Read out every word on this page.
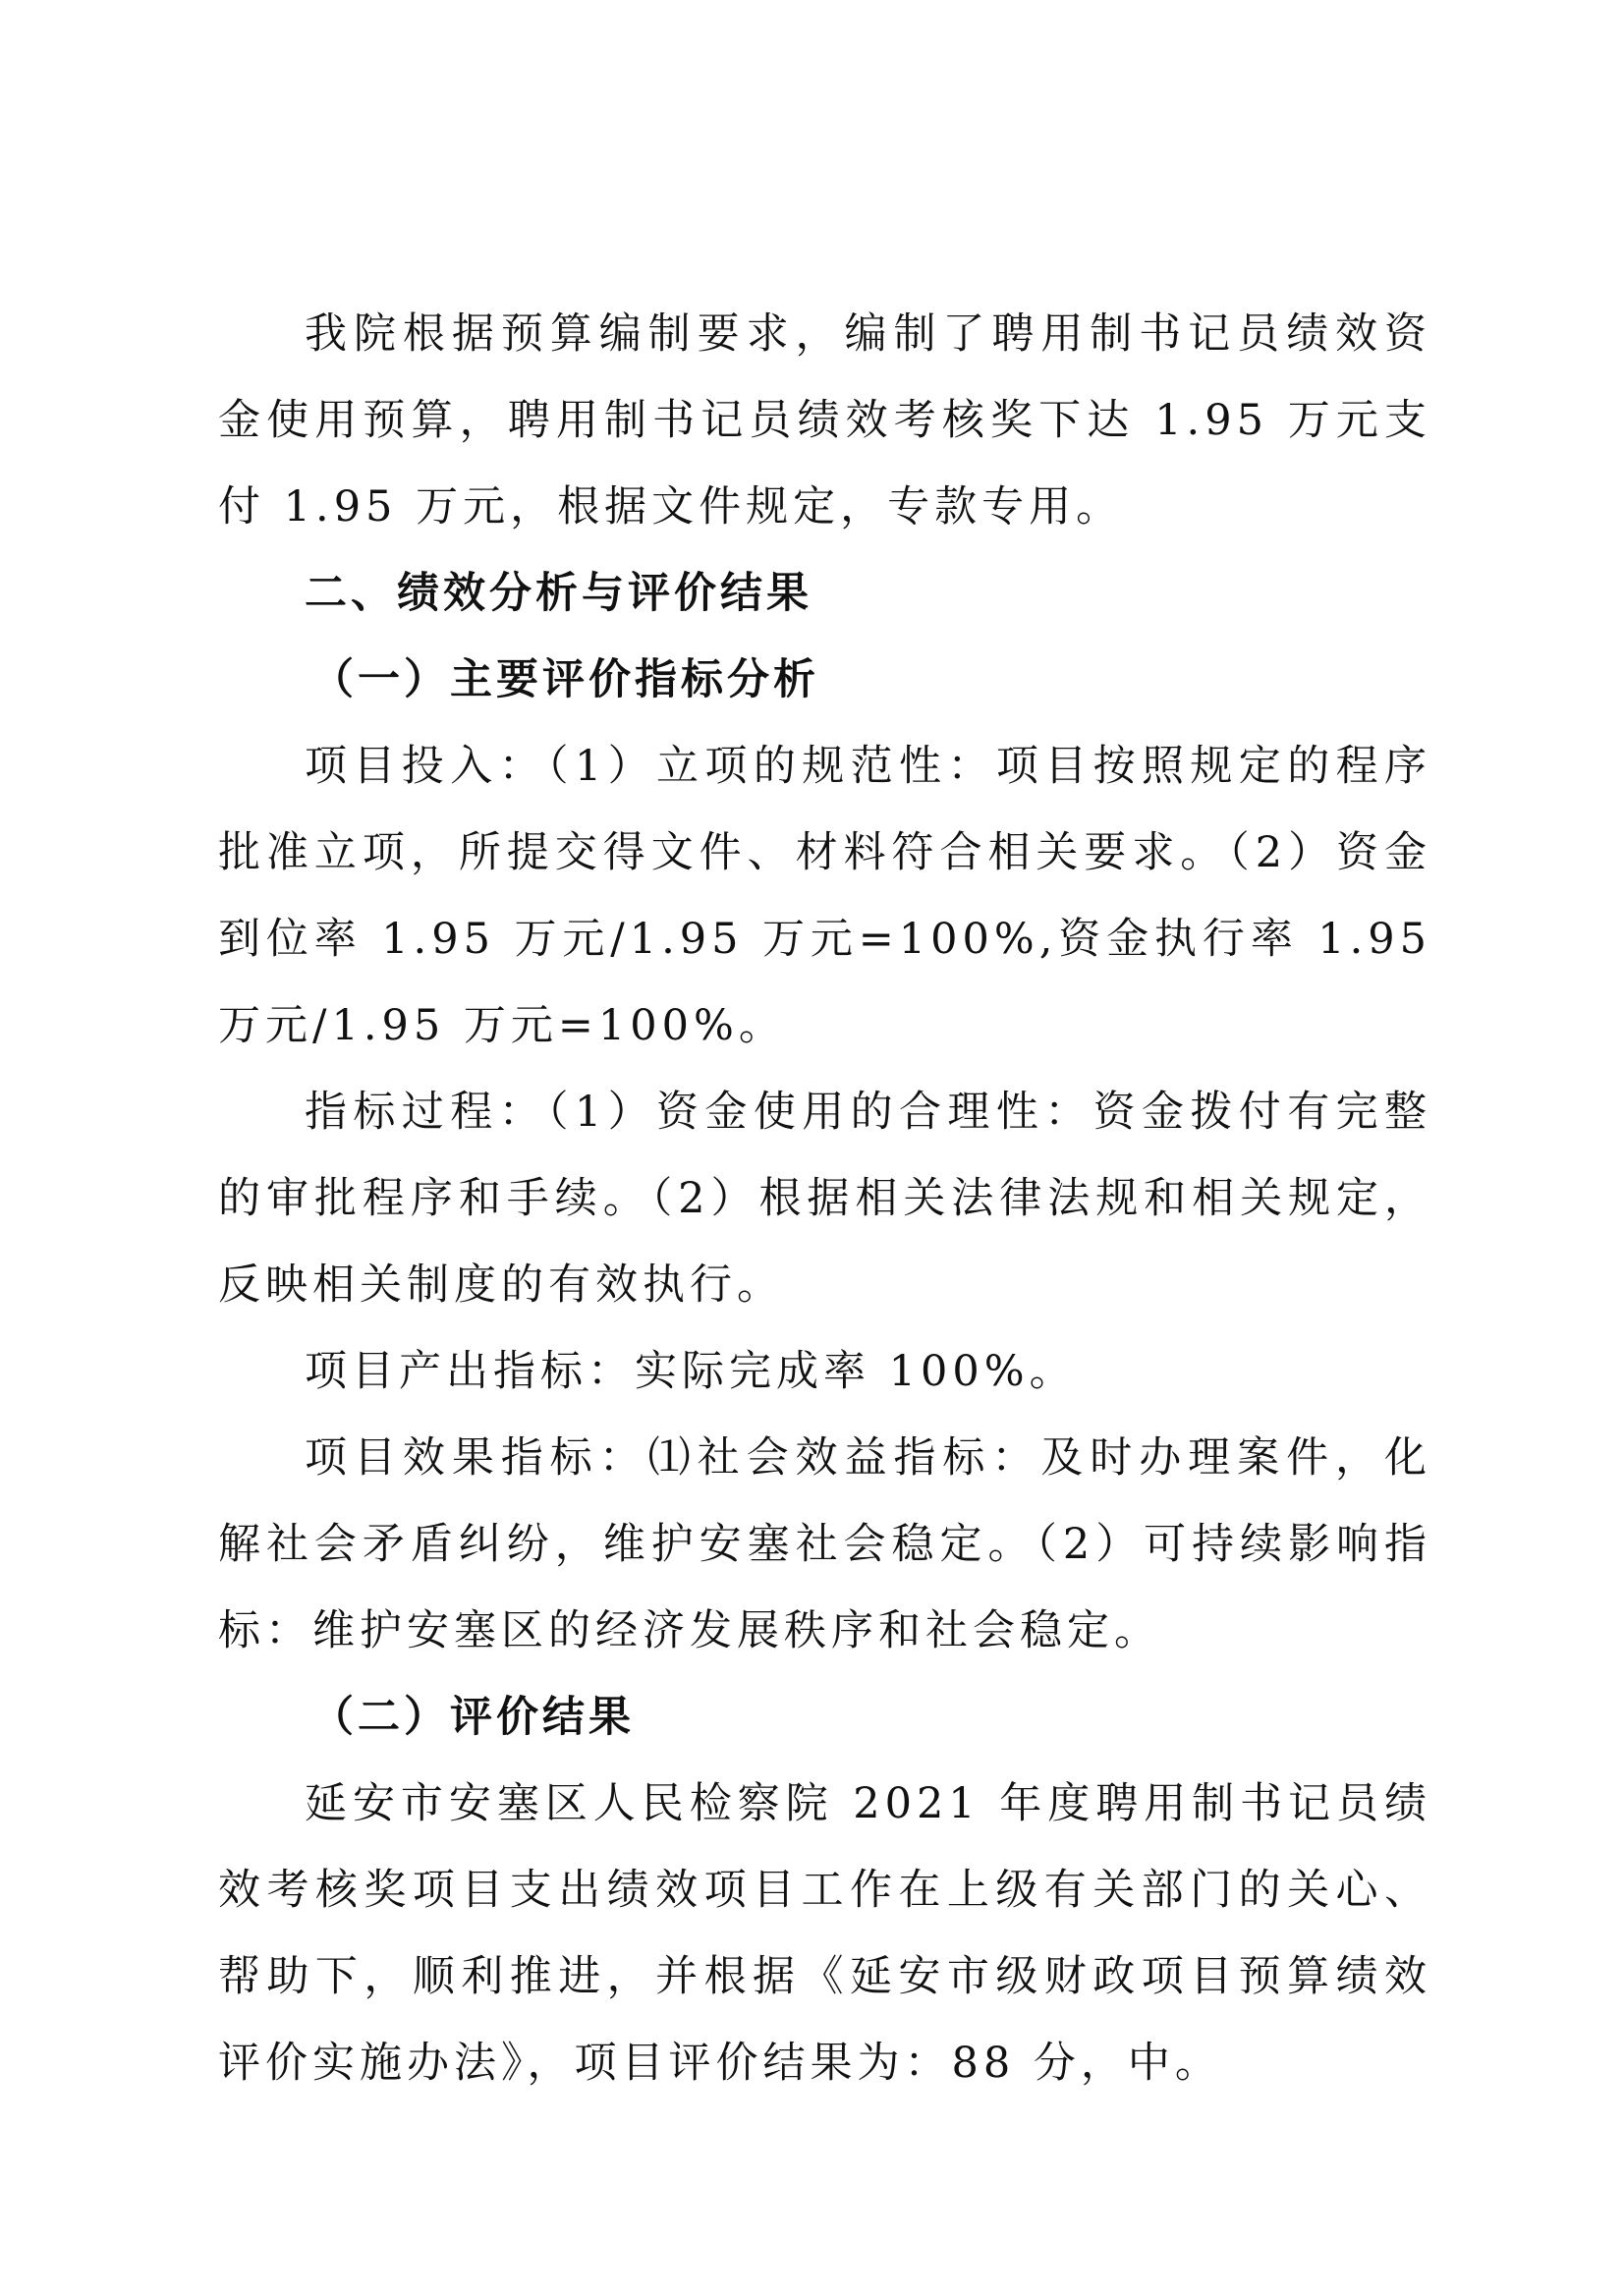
我院根据预算编制要求，编制了聘用制书记员绩效资金使用预算，聘用制书记员绩效考核奖下达 1.95 万元支付 1.95 万元，根据文件规定，专款专用。

二、绩效分析与评价结果

（一）主要评价指标分析

项目投入：（1）立项的规范性：项目按照规定的程序批准立项，所提交得文件、材料符合相关要求。（2）资金到位率 1.95 万元/1.95 万元=100%,资金执行率 1.95 万元/1.95 万元=100%。

指标过程：（1）资金使用的合理性：资金拨付有完整的审批程序和手续。（2）根据相关法律法规和相关规定，反映相关制度的有效执行。

项目产出指标：实际完成率 100%。

项目效果指标：⑴社会效益指标：及时办理案件，化解社会矛盾纠纷，维护安塞社会稳定。（2）可持续影响指标：维护安塞区的经济发展秩序和社会稳定。

（二）评价结果

延安市安塞区人民检察院 2021 年度聘用制书记员绩效考核奖项目支出绩效项目工作在上级有关部门的关心、帮助下，顺利推进，并根据《延安市级财政项目预算绩效评价实施办法》，项目评价结果为：88 分，中。
